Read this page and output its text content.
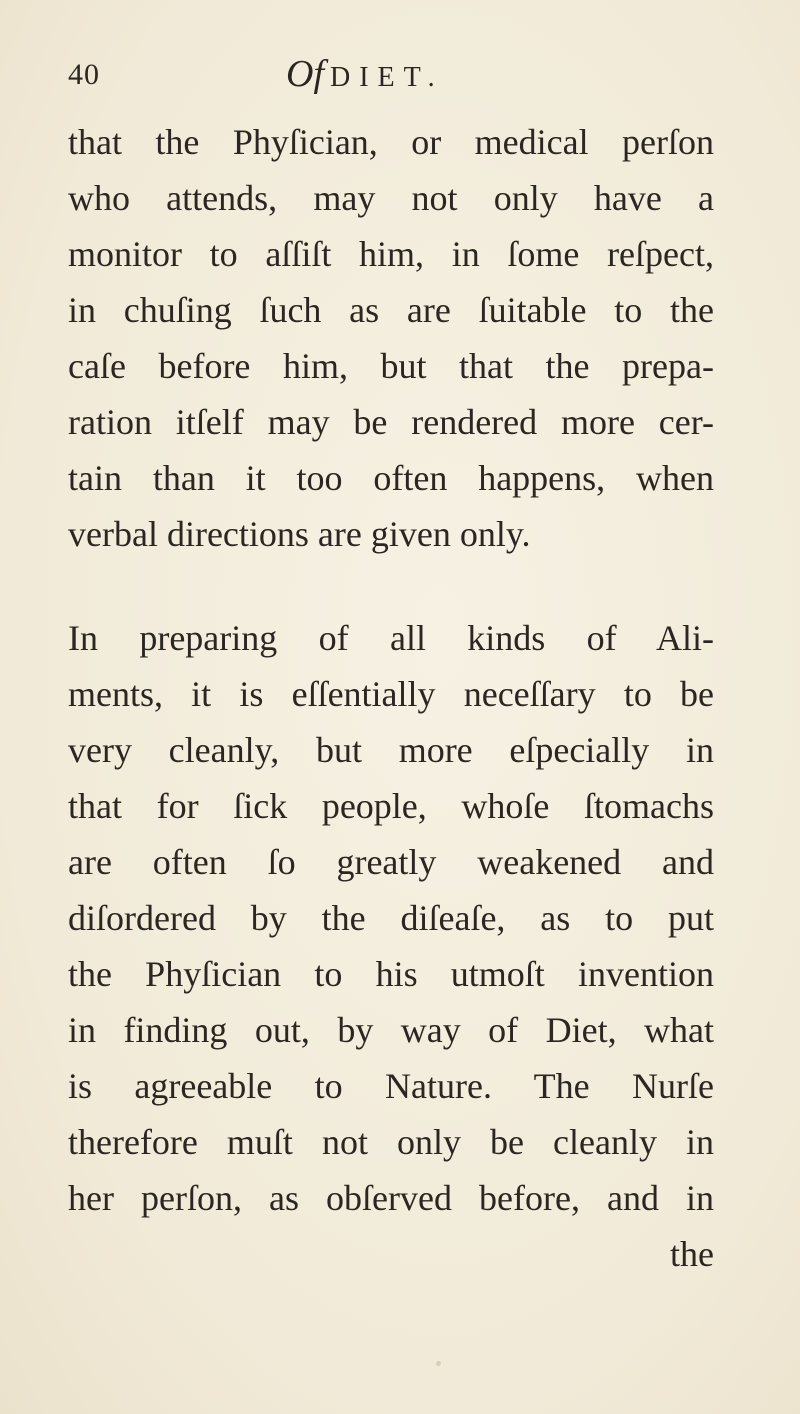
40	Of DIET.
that the Phyſician, or medical perſon
who attends, may not only have a
monitor to aſſiſt him, in ſome reſpect,
in chuſing ſuch as are ſuitable to the
caſe before him, but that the prepa-
ration itſelf may be rendered more cer-
tain than it too often happens, when
verbal directions are given only.
In preparing of all kinds of Ali-
ments, it is eſſentially neceſſary to be
very cleanly, but more eſpecially in
that for ſick people, whoſe ſtomachs
are often ſo greatly weakened and
diſordered by the diſeaſe, as to put
the Phyſician to his utmoſt invention
in finding out, by way of Diet, what
is agreeable to Nature. The Nurſe
therefore muſt not only be cleanly in
her perſon, as obſerved before, and in
the
